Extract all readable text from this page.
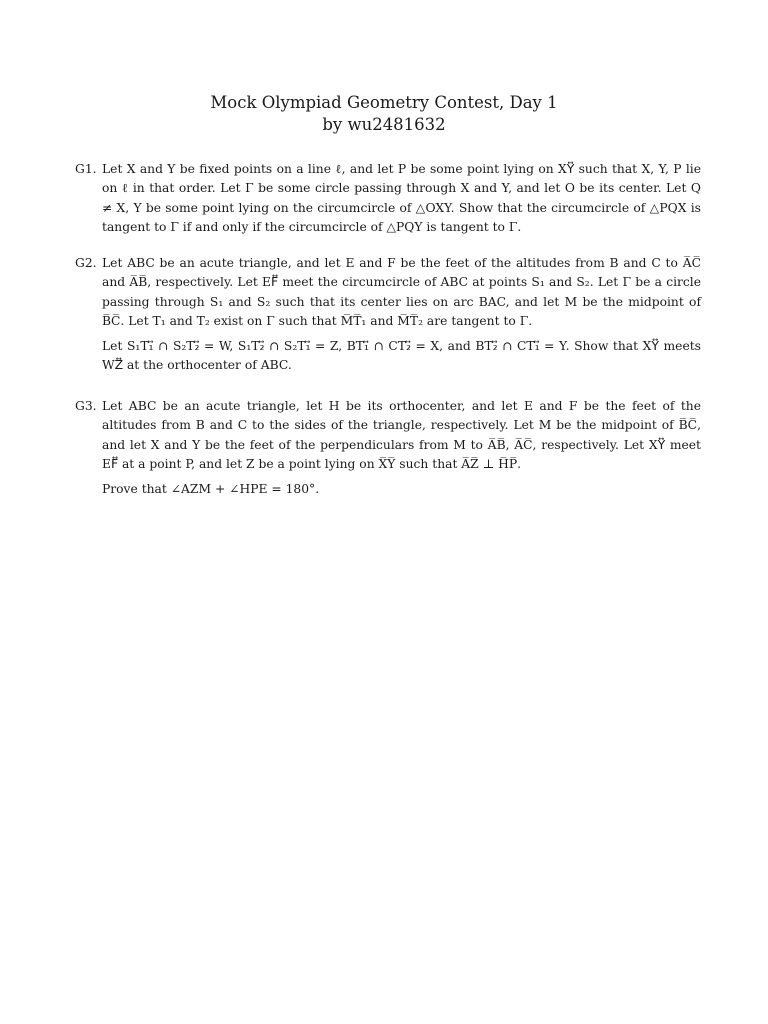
Mock Olympiad Geometry Contest, Day 1
by wu2481632

G1. Let X and Y be fixed points on a line ℓ, and let P be some point lying on XY⃡ such that X, Y, P lie on ℓ in that order. Let Γ be some circle passing through X and Y, and let O be its center. Let Q ≠ X, Y be some point lying on the circumcircle of △OXY. Show that the circumcircle of △PQX is tangent to Γ if and only if the circumcircle of △PQY is tangent to Γ.

G2. Let ABC be an acute triangle, and let E and F be the feet of the altitudes from B and C to A̅C̅ and A̅B̅, respectively. Let EF⃡ meet the circumcircle of ABC at points S₁ and S₂. Let Γ be a circle passing through S₁ and S₂ such that its center lies on arc BAC, and let M be the midpoint of B̅C̅. Let T₁ and T₂ exist on Γ such that M̅T̅₁ and M̅T̅₂ are tangent to Γ.

Let S₁T₁⃡ ∩ S₂T₂⃡ = W, S₁T₂⃡ ∩ S₂T₁⃡ = Z, BT₁⃡ ∩ CT₂⃡ = X, and BT₂⃡ ∩ CT₁⃡ = Y. Show that XY⃡ meets WZ⃡ at the orthocenter of ABC.

G3. Let ABC be an acute triangle, let H be its orthocenter, and let E and F be the feet of the altitudes from B and C to the sides of the triangle, respectively. Let M be the midpoint of B̅C̅, and let X and Y be the feet of the perpendiculars from M to A̅B̅, A̅C̅, respectively. Let XY⃡ meet EF⃡ at a point P, and let Z be a point lying on X̅Y̅ such that A̅Z̅ ⊥ H̅P̅.

Prove that ∠AZM + ∠HPE = 180°.
